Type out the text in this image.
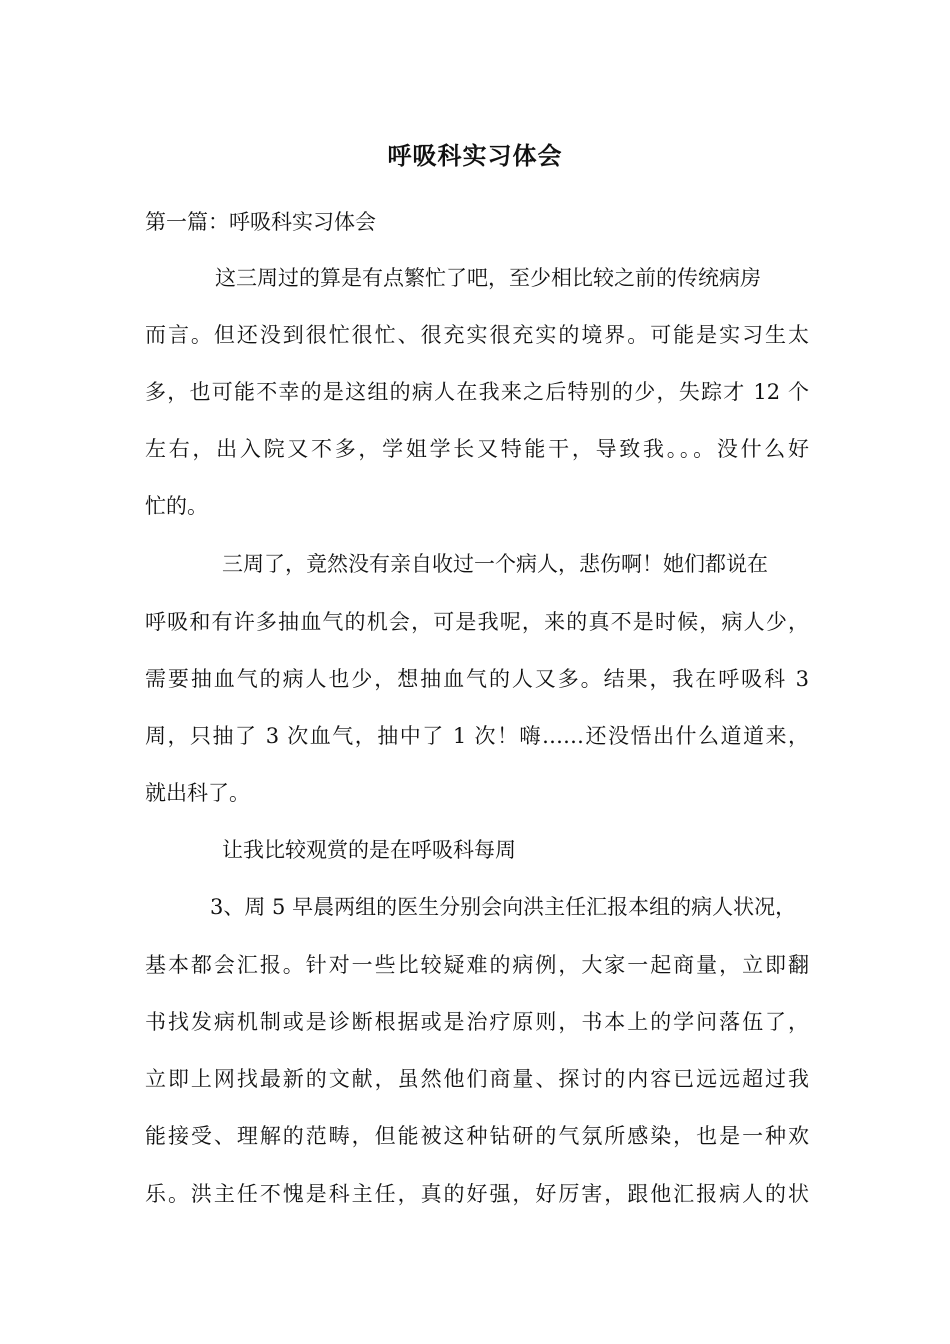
呼吸科实习体会
第一篇：呼吸科实习体会
这三周过的算是有点繁忙了吧，至少相比较之前的传统病房
而言。但还没到很忙很忙、很充实很充实的境界。可能是实习生太
多，也可能不幸的是这组的病人在我来之后特别的少，失踪才 12 个
左右，出入院又不多，学姐学长又特能干，导致我。。。没什么好
忙的。
三周了，竟然没有亲自收过一个病人，悲伤啊！她们都说在
呼吸和有许多抽血气的机会，可是我呢，来的真不是时候，病人少，
需要抽血气的病人也少，想抽血气的人又多。结果，我在呼吸科 3
周，只抽了 3 次血气，抽中了 1 次！嗨……还没悟出什么道道来，
就出科了。
让我比较观赏的是在呼吸科每周
3、周 5 早晨两组的医生分别会向洪主任汇报本组的病人状况，
基本都会汇报。针对一些比较疑难的病例，大家一起商量，立即翻
书找发病机制或是诊断根据或是治疗原则，书本上的学问落伍了，
立即上网找最新的文献，虽然他们商量、探讨的内容已远远超过我
能接受、理解的范畴，但能被这种钻研的气氛所感染，也是一种欢
乐。洪主任不愧是科主任，真的好强，好厉害，跟他汇报病人的状
